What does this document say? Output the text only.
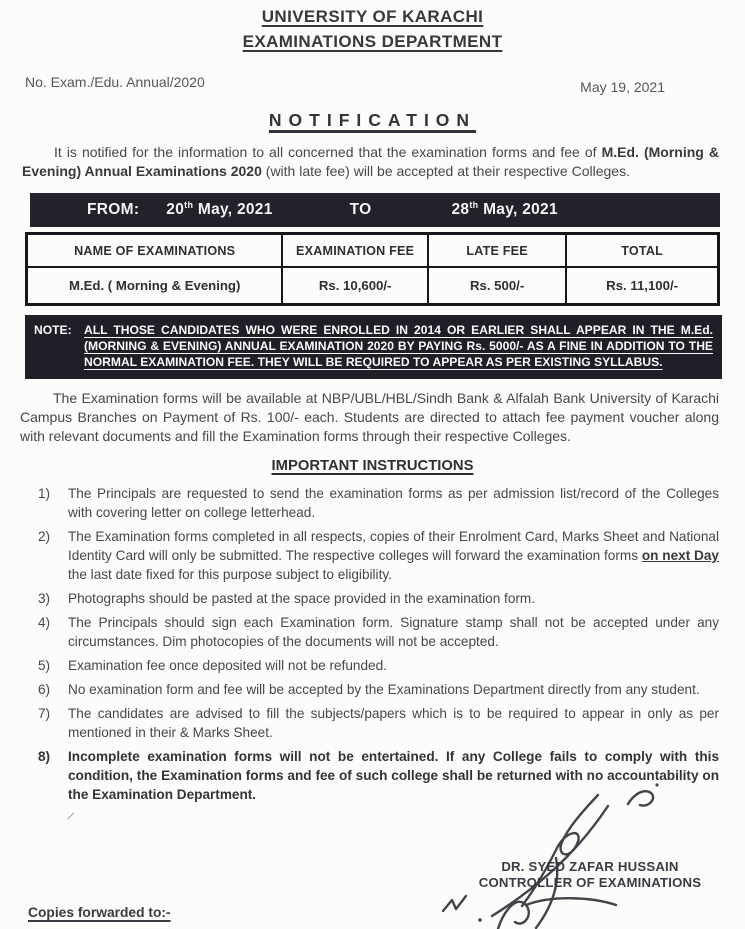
UNIVERSITY OF KARACHI
EXAMINATIONS DEPARTMENT
No. Exam./Edu. Annual/2020	May 19, 2021
NOTIFICATION

It is notified for the information to all concerned that the examination forms and fee of M.Ed. (Morning & Evening) Annual Examinations 2020 (with late fee) will be accepted at their respective Colleges.

FROM: 20th May, 2021	TO	28th May, 2021
NAME OF EXAMINATIONS	EXAMINATION FEE	LATE FEE	TOTAL
M.Ed. ( Morning & Evening)	Rs. 10,600/-	Rs. 500/-	Rs. 11,100/-
NOTE:	ALL THOSE CANDIDATES WHO WERE ENROLLED IN 2014 OR EARLIER SHALL APPEAR IN THE M.Ed. (MORNING & EVENING) ANNUAL EXAMINATION 2020 BY PAYING Rs. 5000/- AS A FINE IN ADDITION TO THE NORMAL EXAMINATION FEE. THEY WILL BE REQUIRED TO APPEAR AS PER EXISTING SYLLABUS.

The Examination forms will be available at NBP/UBL/HBL/Sindh Bank & Alfalah Bank University of Karachi Campus Branches on Payment of Rs. 100/- each. Students are directed to attach fee payment voucher along with relevant documents and fill the Examination forms through their respective Colleges.

IMPORTANT INSTRUCTIONS
1)	The Principals are requested to send the examination forms as per admission list/record of the Colleges with covering letter on college letterhead.
2)	The Examination forms completed in all respects, copies of their Enrolment Card, Marks Sheet and National Identity Card will only be submitted. The respective colleges will forward the examination forms on next Day the last date fixed for this purpose subject to eligibility.
3)	Photographs should be pasted at the space provided in the examination form.
4)	The Principals should sign each Examination form. Signature stamp shall not be accepted under any circumstances. Dim photocopies of the documents will not be accepted.
5)	Examination fee once deposited will not be refunded.
6)	No examination form and fee will be accepted by the Examinations Department directly from any student.
7)	The candidates are advised to fill the subjects/papers which is to be required to appear in only as per mentioned in their & Marks Sheet.
8)	Incomplete examination forms will not be entertained. If any College fails to comply with this condition, the Examination forms and fee of such college shall be returned with no accountability on the Examination Department.
⁄
DR. SYED ZAFAR HUSSAIN
CONTROLLER OF EXAMINATIONS
Copies forwarded to:-
